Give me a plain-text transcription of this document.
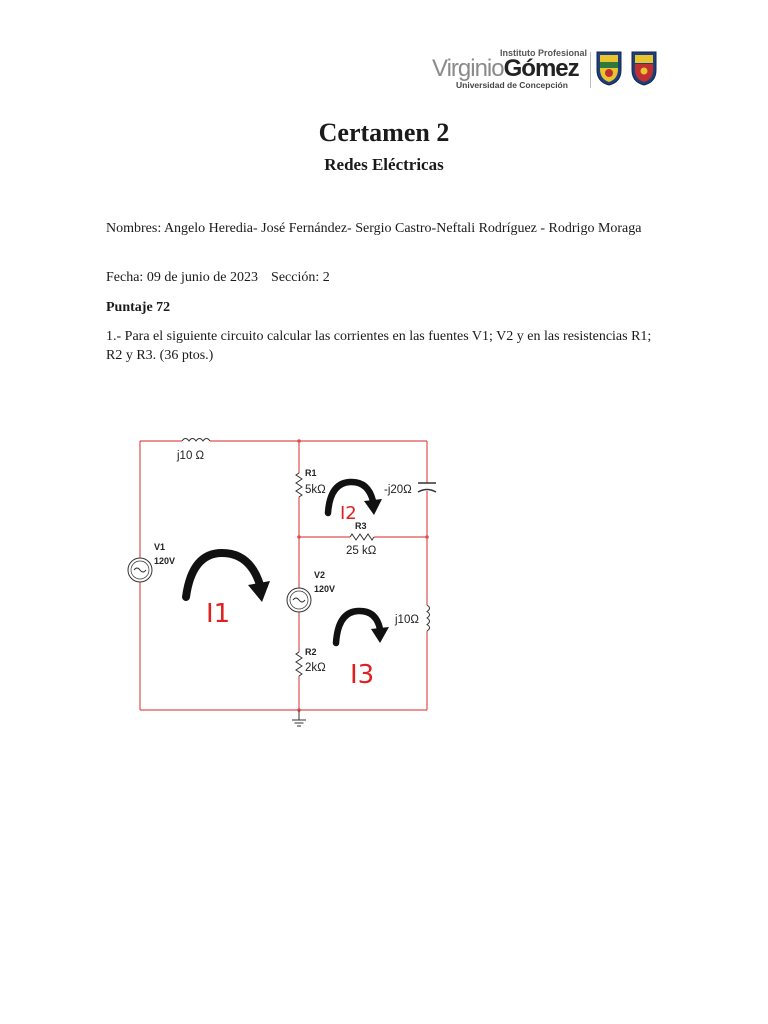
Instituto Profesional
VirginioGómez
Universidad de Concepción
Certamen 2
Redes Eléctricas
Nombres: Angelo Heredia- José Fernández- Sergio Castro-Neftali Rodríguez - Rodrigo Moraga
Fecha: 09 de junio de 2023 Sección: 2
Puntaje 72
1.- Para el siguiente circuito calcular las corrientes en las fuentes V1; V2 y en las resistencias R1; R2 y R3. (36 ptos.)
j10 Ω
V1
120V
V2
120V
R1
5kΩ	-j20Ω
R3
25 kΩ
j10Ω
R2
2kΩ
I1
I2
I3
